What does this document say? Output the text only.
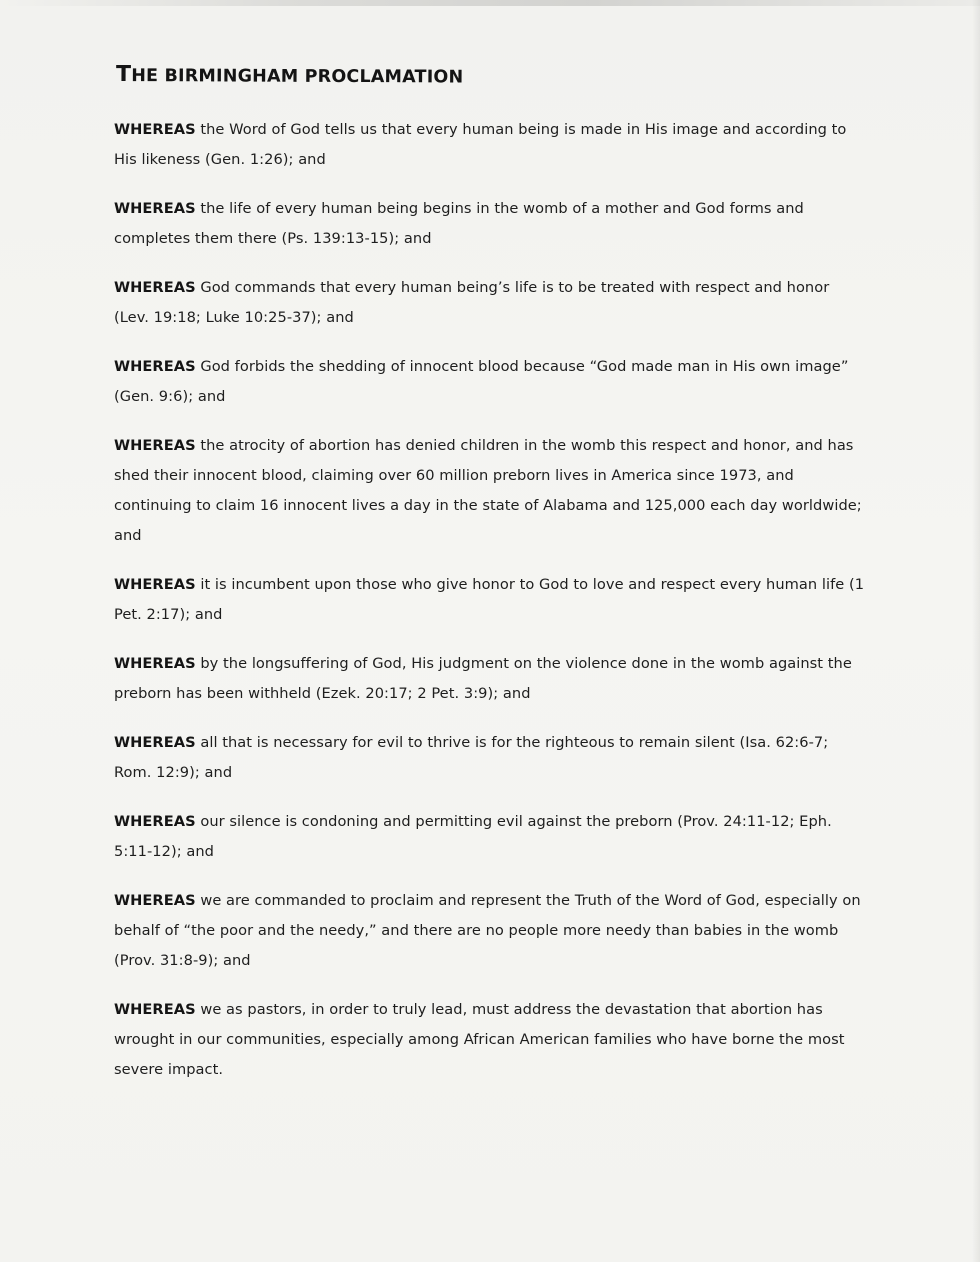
THE BIRMINGHAM PROCLAMATION

WHEREAS the Word of God tells us that every human being is made in His image and according to His likeness (Gen. 1:26); and

WHEREAS the life of every human being begins in the womb of a mother and God forms and completes them there (Ps. 139:13-15); and

WHEREAS God commands that every human being’s life is to be treated with respect and honor (Lev. 19:18; Luke 10:25-37); and

WHEREAS God forbids the shedding of innocent blood because “God made man in His own image” (Gen. 9:6); and

WHEREAS the atrocity of abortion has denied children in the womb this respect and honor, and has shed their innocent blood, claiming over 60 million preborn lives in America since 1973, and continuing to claim 16 innocent lives a day in the state of Alabama and 125,000 each day worldwide; and

WHEREAS it is incumbent upon those who give honor to God to love and respect every human life (1 Pet. 2:17); and

WHEREAS by the longsuffering of God, His judgment on the violence done in the womb against the preborn has been withheld (Ezek. 20:17; 2 Pet. 3:9); and

WHEREAS all that is necessary for evil to thrive is for the righteous to remain silent (Isa. 62:6-7; Rom. 12:9); and

WHEREAS our silence is condoning and permitting evil against the preborn (Prov. 24:11-12; Eph. 5:11-12); and

WHEREAS we are commanded to proclaim and represent the Truth of the Word of God, especially on behalf of “the poor and the needy,” and there are no people more needy than babies in the womb (Prov. 31:8-9); and

WHEREAS we as pastors, in order to truly lead, must address the devastation that abortion has wrought in our communities, especially among African American families who have borne the most severe impact.
